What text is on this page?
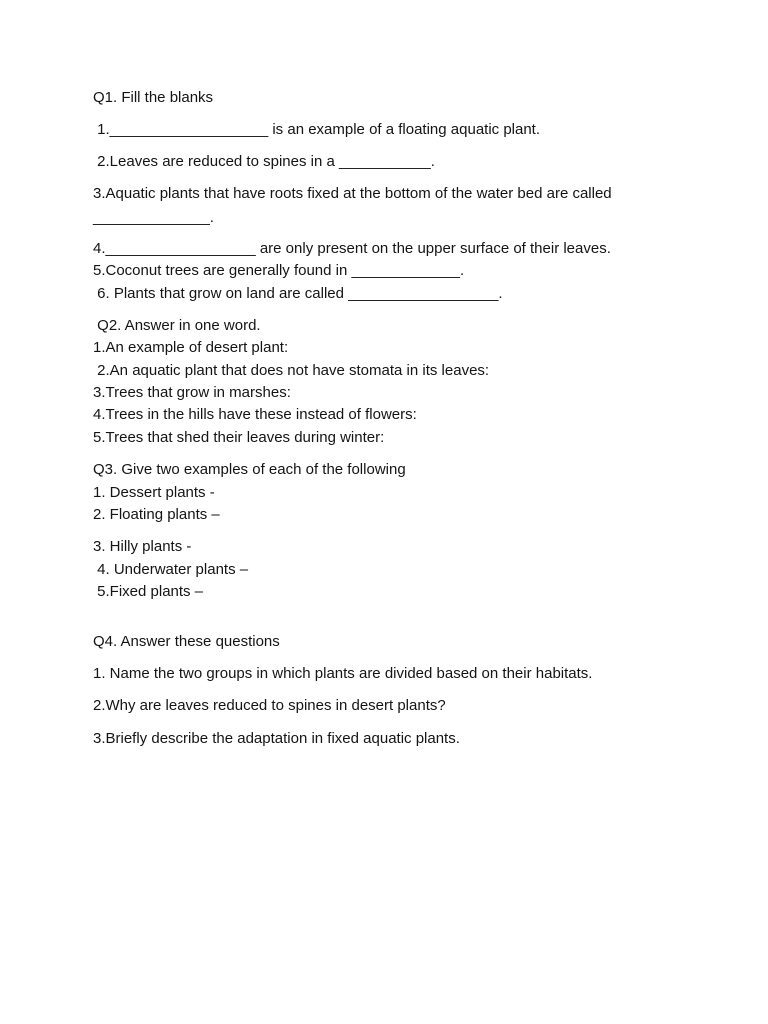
Q1. Fill the blanks
1.___________________ is an example of a floating aquatic plant.
2.Leaves are reduced to spines in a ___________.
3.Aquatic plants that have roots fixed at the bottom of the water bed are called
______________.
4.__________________ are only present on the upper surface of their leaves.
5.Coconut trees are generally found in _____________.
6. Plants that grow on land are called __________________.
Q2. Answer in one word.
1.An example of desert plant:
2.An aquatic plant that does not have stomata in its leaves:
3.Trees that grow in marshes:
4.Trees in the hills have these instead of flowers:
5.Trees that shed their leaves during winter:
Q3. Give two examples of each of the following
1. Dessert plants -
2. Floating plants –
3. Hilly plants -
4. Underwater plants –
5.Fixed plants –
Q4. Answer these questions
1. Name the two groups in which plants are divided based on their habitats.
2.Why are leaves reduced to spines in desert plants?
3.Briefly describe the adaptation in fixed aquatic plants.
